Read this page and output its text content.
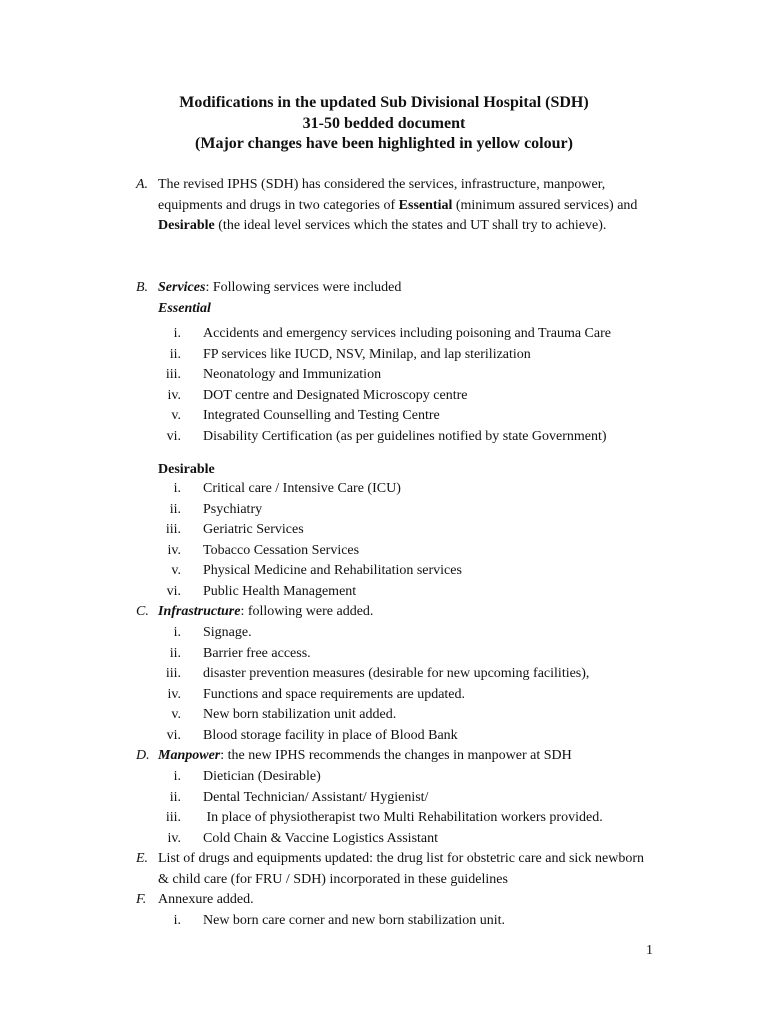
Modifications in the updated Sub Divisional Hospital (SDH)
31-50 bedded document
(Major changes have been highlighted in yellow colour)
A. The revised IPHS (SDH) has considered the services, infrastructure, manpower, equipments and drugs in two categories of Essential (minimum assured services) and Desirable (the ideal level services which the states and UT shall try to achieve).
B. Services: Following services were included
Essential
i. Accidents and emergency services including poisoning and Trauma Care
ii. FP services like IUCD, NSV, Minilap, and lap sterilization
iii. Neonatology and Immunization
iv. DOT centre and Designated Microscopy centre
v. Integrated Counselling and Testing Centre
vi. Disability Certification (as per guidelines notified by state Government)
Desirable
i. Critical care / Intensive Care (ICU)
ii. Psychiatry
iii. Geriatric Services
iv. Tobacco Cessation Services
v. Physical Medicine and Rehabilitation services
vi. Public Health Management
C. Infrastructure: following were added.
i. Signage.
ii. Barrier free access.
iii. disaster prevention measures (desirable for new upcoming facilities),
iv. Functions and space requirements are updated.
v. New born stabilization unit added.
vi. Blood storage facility in place of Blood Bank
D. Manpower: the new IPHS recommends the changes in manpower at SDH
i. Dietician (Desirable)
ii. Dental Technician/ Assistant/ Hygienist/
iii. In place of physiotherapist two Multi Rehabilitation workers provided.
iv. Cold Chain & Vaccine Logistics Assistant
E. List of drugs and equipments updated: the drug list for obstetric care and sick newborn & child care (for FRU / SDH) incorporated in these guidelines
F. Annexure added.
i. New born care corner and new born stabilization unit.
1
